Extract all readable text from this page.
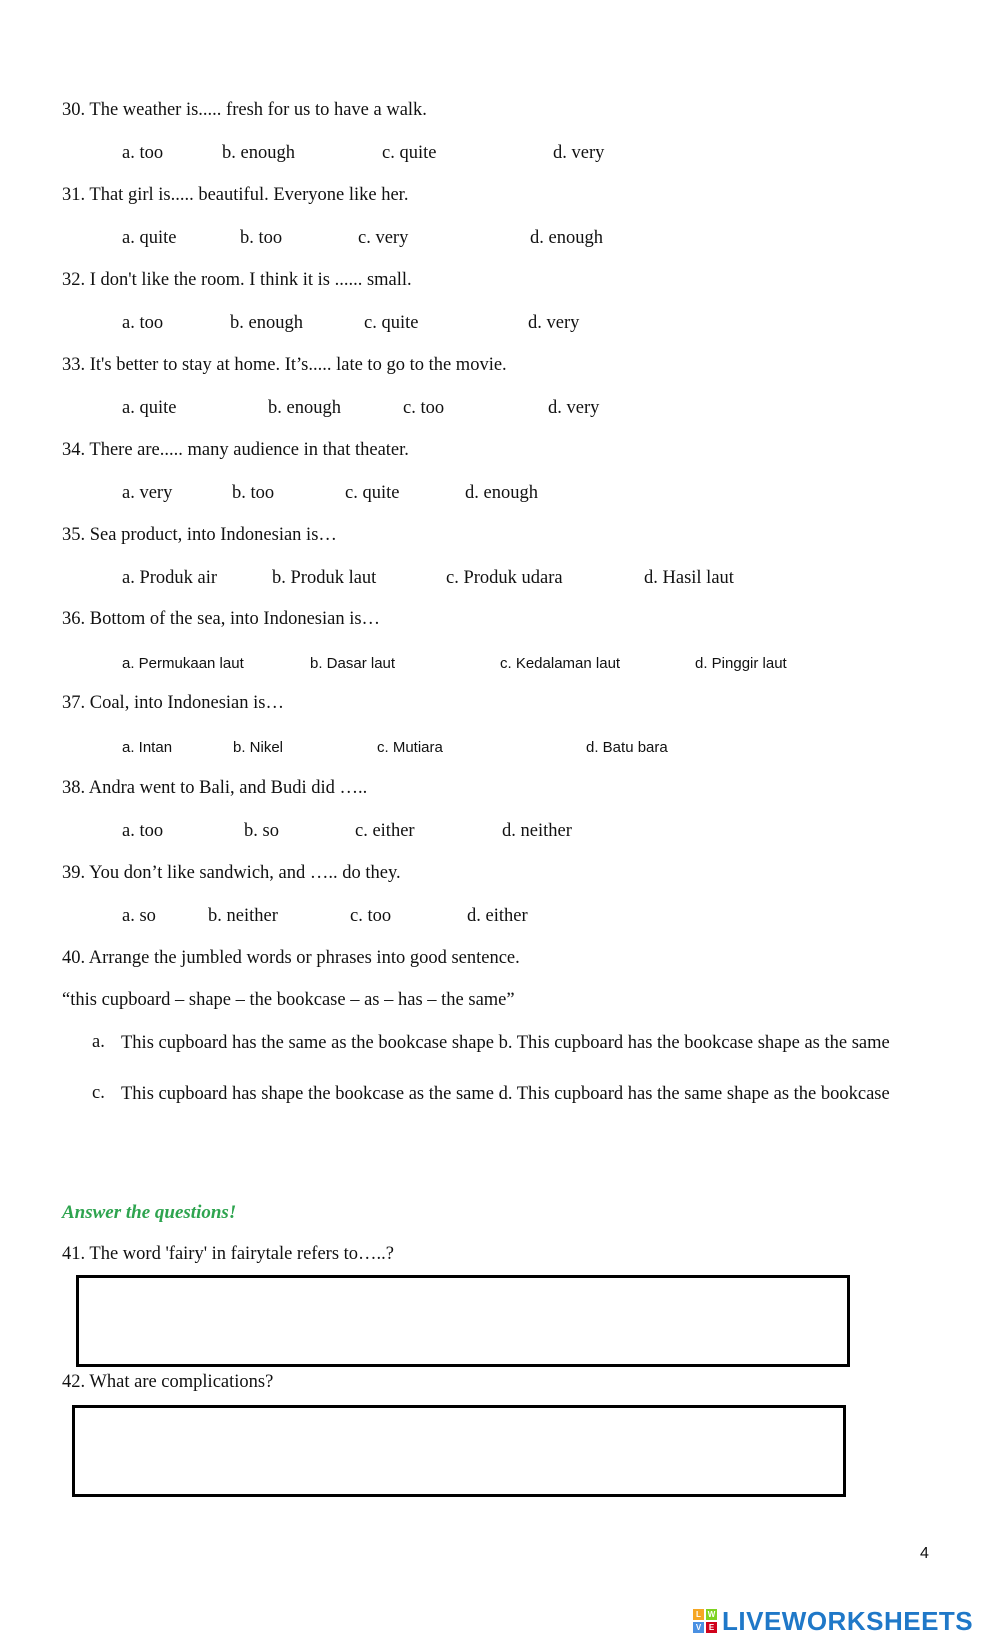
30. The weather is..... fresh for us to have a walk.
a. too	b. enough	c. quite	d. very
31. That girl is..... beautiful. Everyone like her.
a. quite	b. too	c. very	d. enough
32. I don't like the room. I think it is ...... small.
a. too	b. enough	c. quite	d. very
33. It's better to stay at home. It’s..... late to go to the movie.
a. quite	b. enough	c. too	d. very
34. There are..... many audience in that theater.
a. very	b. too	c. quite	d. enough
35. Sea product, into Indonesian is…
a. Produk air	b. Produk laut	c. Produk udara	d. Hasil laut
36. Bottom of the sea, into Indonesian is…
a. Permukaan laut	b. Dasar laut	c. Kedalaman laut	d. Pinggir laut
37. Coal, into Indonesian is…
a. Intan	b. Nikel	c. Mutiara	d. Batu bara
38. Andra went to Bali, and Budi did …..
a. too	b. so	c. either	d. neither
39. You don’t like sandwich, and ….. do they.
a. so	b. neither	c. too	d. either
40. Arrange the jumbled words or phrases into good sentence.
“this cupboard – shape – the bookcase – as – has – the same”
a. This cupboard has the same as the bookcase shape b. This cupboard has the bookcase shape as the same
c. This cupboard has shape the bookcase as the same d. This cupboard has the same shape as the bookcase
Answer the questions!
41. The word 'fairy' in fairytale refers to…..?
42. What are complications?
4
L W
V E LIVEWORKSHEETS
